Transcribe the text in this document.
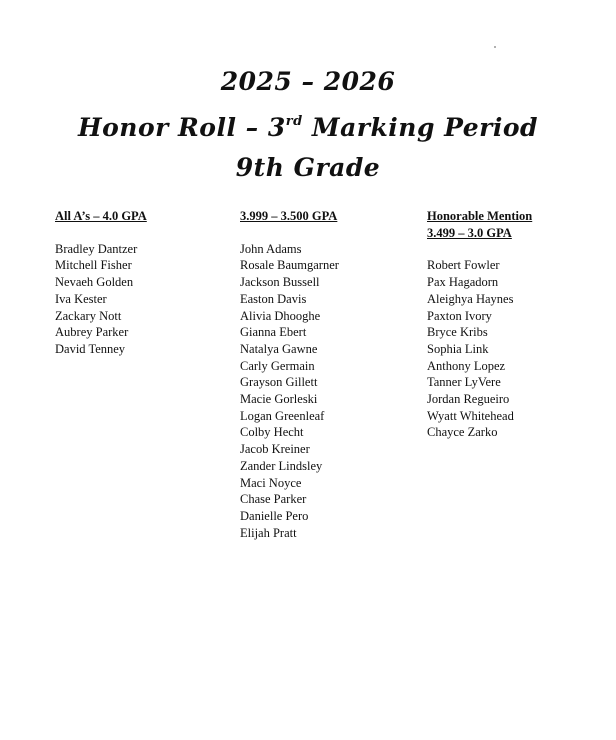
2025 – 2026
Honor Roll – 3rd Marking Period
9th Grade

All A’s – 4.0 GPA

Bradley Dantzer
Mitchell Fisher
Nevaeh Golden
Iva Kester
Zackary Nott
Aubrey Parker
David Tenney

3.999 – 3.500 GPA

John Adams
Rosale Baumgarner
Jackson Bussell
Easton Davis
Alivia Dhooghe
Gianna Ebert
Natalya Gawne
Carly Germain
Grayson Gillett
Macie Gorleski
Logan Greenleaf
Colby Hecht
Jacob Kreiner
Zander Lindsley
Maci Noyce
Chase Parker
Danielle Pero
Elijah Pratt

Honorable Mention

3.499 – 3.0 GPA

Robert Fowler
Pax Hagadorn
Aleighya Haynes
Paxton Ivory
Bryce Kribs
Sophia Link
Anthony Lopez
Tanner LyVere
Jordan Regueiro
Wyatt Whitehead
Chayce Zarko
